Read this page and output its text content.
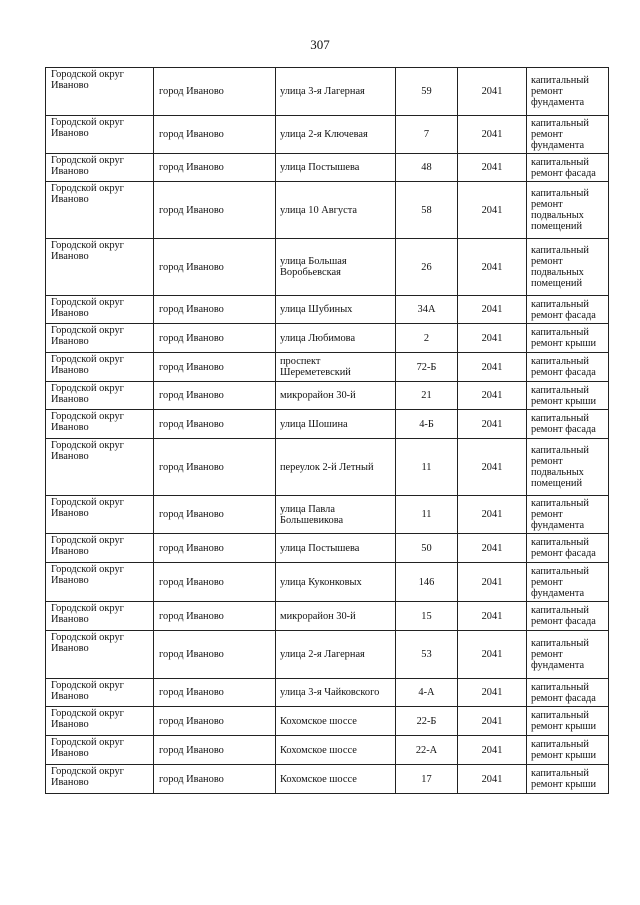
307
Городской округ Иваново	город Иваново	улица 3-я Лагерная	59	2041	капитальный ремонт фундамента
Городской округ Иваново	город Иваново	улица 2-я Ключевая	7	2041	капитальный ремонт фундамента
Городской округ Иваново	город Иваново	улица Постышева	48	2041	капитальный ремонт фасада
Городской округ Иваново	город Иваново	улица 10 Августа	58	2041	капитальный ремонт подвальных помещений
Городской округ Иваново	город Иваново	улица Большая Воробьевская	26	2041	капитальный ремонт подвальных помещений
Городской округ Иваново	город Иваново	улица Шубиных	34А	2041	капитальный ремонт фасада
Городской округ Иваново	город Иваново	улица Любимова	2	2041	капитальный ремонт крыши
Городской округ Иваново	город Иваново	проспект Шереметевский	72-Б	2041	капитальный ремонт фасада
Городской округ Иваново	город Иваново	микрорайон 30-й	21	2041	капитальный ремонт крыши
Городской округ Иваново	город Иваново	улица Шошина	4-Б	2041	капитальный ремонт фасада
Городской округ Иваново	город Иваново	переулок 2-й Летный	11	2041	капитальный ремонт подвальных помещений
Городской округ Иваново	город Иваново	улица Павла Большевикова	11	2041	капитальный ремонт фундамента
Городской округ Иваново	город Иваново	улица Постышева	50	2041	капитальный ремонт фасада
Городской округ Иваново	город Иваново	улица Куконковых	146	2041	капитальный ремонт фундамента
Городской округ Иваново	город Иваново	микрорайон 30-й	15	2041	капитальный ремонт фасада
Городской округ Иваново	город Иваново	улица 2-я Лагерная	53	2041	капитальный ремонт фундамента
Городской округ Иваново	город Иваново	улица 3-я Чайковского	4-А	2041	капитальный ремонт фасада
Городской округ Иваново	город Иваново	Кохомское шоссе	22-Б	2041	капитальный ремонт крыши
Городской округ Иваново	город Иваново	Кохомское шоссе	22-А	2041	капитальный ремонт крыши
Городской округ Иваново	город Иваново	Кохомское шоссе	17	2041	капитальный ремонт крыши
